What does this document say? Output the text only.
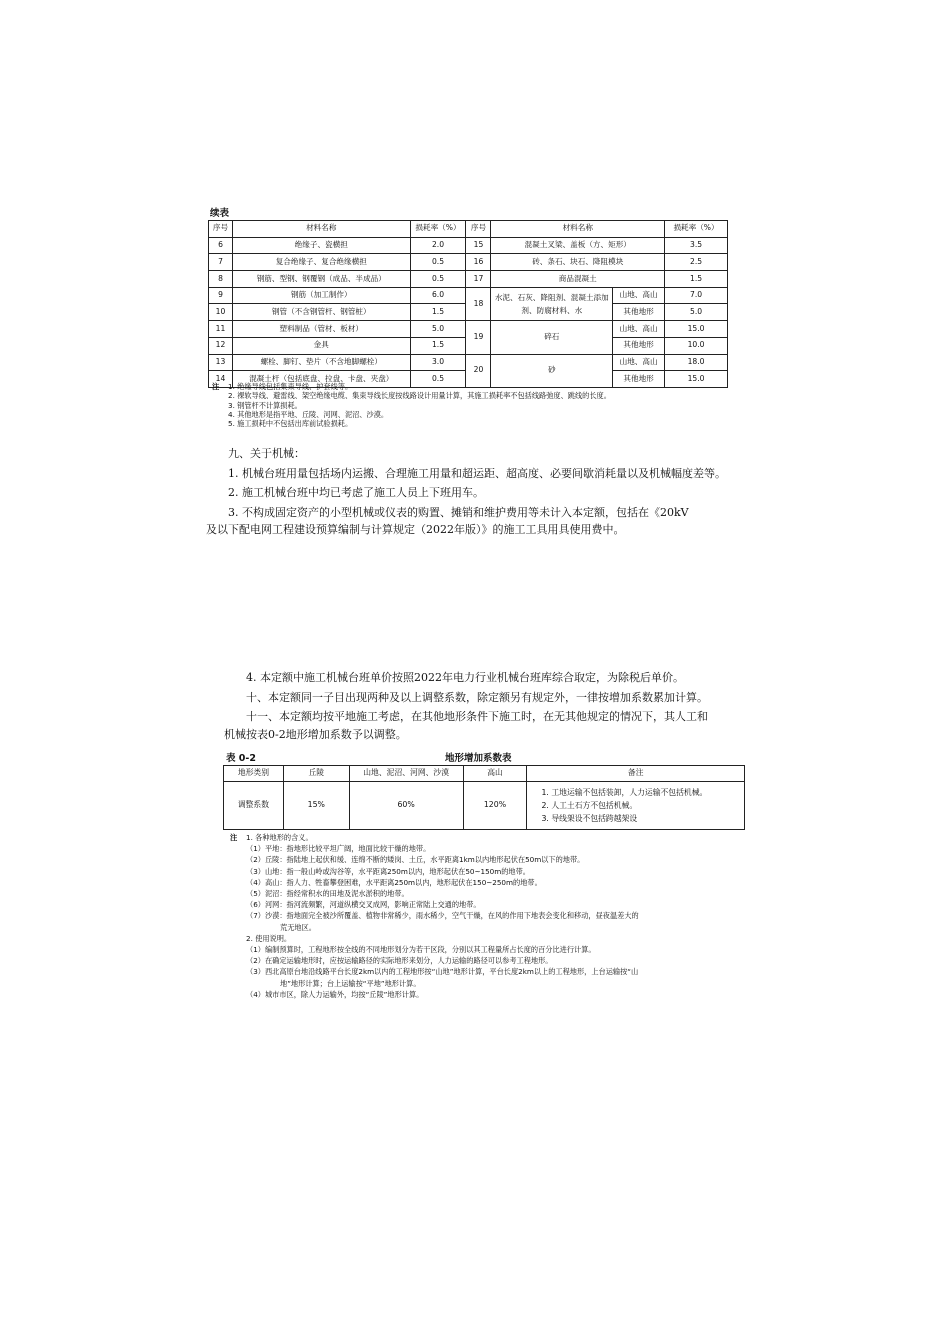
续表
序号	材料名称	损耗率（%）	序号	材料名称		损耗率（%）
6	绝缘子、瓷横担	2.0	15	混凝土叉梁、盖板（方、矩形）		3.5
7	复合绝缘子、复合绝缘横担	0.5	16	砖、条石、块石、降阻模块		2.5
8	钢筋、型钢、钢覆钢（成品、半成品）	0.5	17	商品混凝土		1.5
9	钢筋（加工制作）	6.0	18	水泥、石灰、降阻剂、混凝土添加剂、防腐材料、水	山地、高山	7.0
10	钢管（不含钢管杆、钢管桩）	1.5			其他地形	5.0
11	塑料制品（管材、板材）	5.0	19	碎石	山地、高山	15.0
12	金具	1.5			其他地形	10.0
13	螺栓、脚钉、垫片（不含地脚螺栓）	3.0	20	砂	山地、高山	18.0
14	混凝土杆（包括底盘、拉盘、卡盘、夹盘）	0.5			其他地形	15.0
注	1. 绝缘导线包括集束导线、护套线等。
2. 裸软导线、避雷线、架空绝缘电缆、集束导线长度按线路设计用量计算，其施工损耗率不包括线路弛度、跳线的长度。
3. 钢管杆不计算损耗。
4. 其他地形是指平地、丘陵、河网、泥沼、沙漠。
5. 施工损耗中不包括出库前试验损耗。
九、关于机械：
1. 机械台班用量包括场内运搬、合理施工用量和超运距、超高度、必要间歇消耗量以及机械幅度差等。
2. 施工机械台班中均已考虑了施工人员上下班用车。
3. 不构成固定资产的小型机械或仪表的购置、摊销和维护费用等未计入本定额，包括在《20kV
及以下配电网工程建设预算编制与计算规定（2022年版）》的施工工具用具使用费中。
4. 本定额中施工机械台班单价按照2022年电力行业机械台班库综合取定，为除税后单价。
十、本定额同一子目出现两种及以上调整系数，除定额另有规定外，一律按增加系数累加计算。
十一、本定额均按平地施工考虑，在其他地形条件下施工时，在无其他规定的情况下，其人工和
机械按表0-2地形增加系数予以调整。
表 0-2	地形增加系数表
地形类别	丘陵	山地、泥沼、河网、沙漠	高山	备注
调整系数	15%	60%	120%	1. 工地运输不包括装卸，人力运输不包括机械。
2. 人工土石方不包括机械。
3. 导线架设不包括跨越架设
注	1. 各种地形的含义。
（1）平地：指地形比较平坦广阔，地面比较干燥的地带。
（2）丘陵：指陆地上起伏和缓、连绵不断的矮岗、土丘，水平距离1km以内地形起伏在50m以下的地带。
（3）山地：指一般山岭或沟谷等，水平距离250m以内，地形起伏在50~150m的地带。
（4）高山：指人力、牲畜攀登困难，水平距离250m以内，地形起伏在150~250m的地带。
（5）泥沼：指经常积水的田地及泥水淤积的地带。
（6）河网：指河流频繁，河道纵横交叉成网，影响正常陆上交通的地带。
（7）沙漠：指地面完全被沙所覆盖、植物非常稀少，雨水稀少，空气干燥，在风的作用下地表会变化和移动，昼夜温差大的
荒无地区。
2. 使用说明。
（1）编制预算时，工程地形按全线的不同地形划分为若干区段，分别以其工程量所占长度的百分比进行计算。
（2）在确定运输地形时，应按运输路径的实际地形来划分，人力运输的路径可以参考工程地形。
（3）西北高原台地沿线路平台长度2km以内的工程地形按“山地”地形计算，平台长度2km以上的工程地形，上台运输按“山
地”地形计算；台上运输按“平地”地形计算。
（4）城市市区，除人力运输外，均按“丘陵”地形计算。
